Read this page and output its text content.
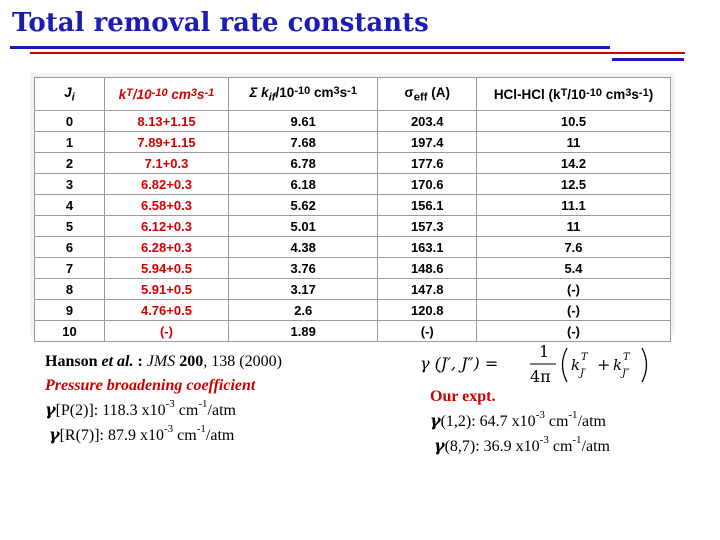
Total removal rate constants
$J_i$	$k^T/10^{-10}$ $cm^3s^{-1}$	Σ $k_{if}/10^{-10}$ $cm^3s^{-1}$	$\sigma_{eff}$ (A)	HCl-HCl ($k^T/10^{-10}$ $cm^3s^{-1}$)
0	8.13+1.15	9.61	203.4	10.5
1	7.89+1.15	7.68	197.4	11
2	7.1+0.3	6.78	177.6	14.2
3	6.82+0.3	6.18	170.6	12.5
4	6.58+0.3	5.62	156.1	11.1
5	6.12+0.3	5.01	157.3	11
6	6.28+0.3	4.38	163.1	7.6
7	5.94+0.5	3.76	148.6	5.4
8	5.91+0.5	3.17	147.8	(-)
9	4.76+0.5	2.6	120.8	(-)
10	(-)	1.89	(-)	(-)
Hanson et al. : JMS 200, 138 (2000)
Pressure broadening coefficient
γ[P(2)]: 118.3 $x10^{-3}$ $cm^{-1}$/atm
γ[R(7)]: 87.9 $x10^{-3}$ $cm^{-1}$/atm
γ (J′, J″) =
1
4π
k T
J′ + k T
J″
Our expt.
γ(1,2): 64.7 $x10^{-3}$ $cm^{-1}$/atm
γ(8,7): 36.9 $x10^{-3}$ $cm^{-1}$/atm
